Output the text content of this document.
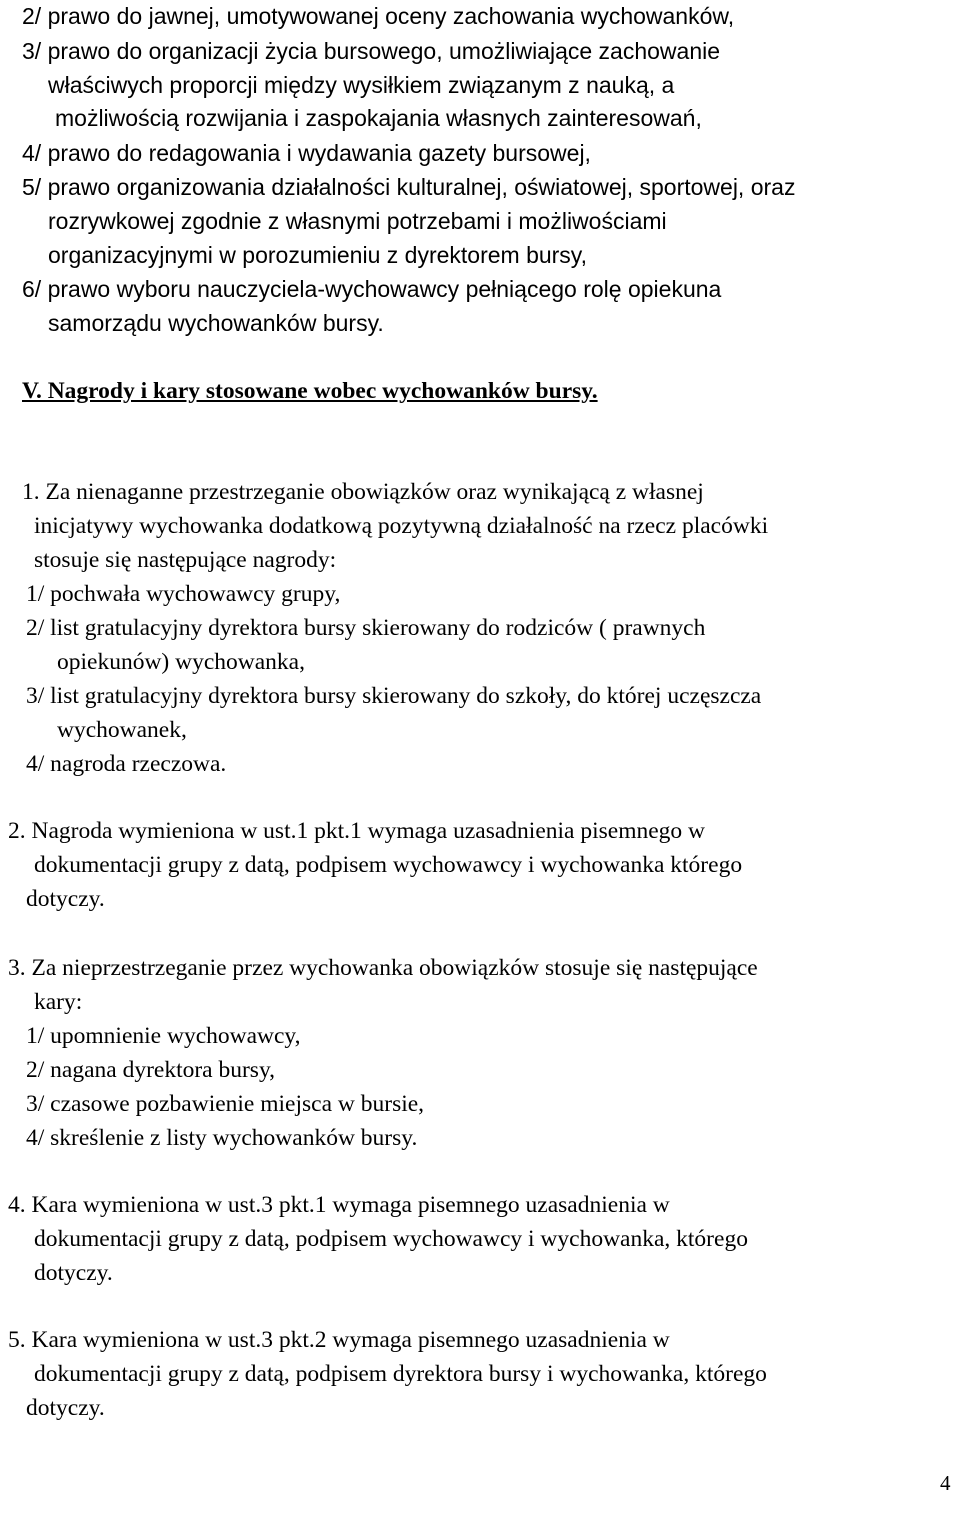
2/ prawo do jawnej, umotywowanej oceny zachowania wychowanków,
3/ prawo do organizacji życia bursowego, umożliwiające zachowanie
właściwych proporcji między wysiłkiem związanym z nauką, a
możliwością rozwijania i zaspokajania własnych zainteresowań,
4/ prawo do redagowania i wydawania gazety bursowej,
5/ prawo organizowania działalności kulturalnej, oświatowej, sportowej, oraz
rozrywkowej zgodnie z własnymi potrzebami i możliwościami
organizacyjnymi w porozumieniu z dyrektorem bursy,
6/ prawo wyboru nauczyciela-wychowawcy pełniącego rolę opiekuna
samorządu wychowanków bursy.
V. Nagrody i kary stosowane wobec wychowanków bursy.
1. Za nienaganne przestrzeganie obowiązków oraz wynikającą z własnej
inicjatywy wychowanka dodatkową pozytywną działalność na rzecz placówki
stosuje się następujące nagrody:
1/ pochwała wychowawcy grupy,
2/ list gratulacyjny dyrektora bursy skierowany do rodziców ( prawnych
opiekunów) wychowanka,
3/ list gratulacyjny dyrektora bursy skierowany do szkoły, do której uczęszcza
wychowanek,
4/ nagroda rzeczowa.
2. Nagroda wymieniona w ust.1 pkt.1 wymaga uzasadnienia pisemnego w
dokumentacji grupy z datą, podpisem wychowawcy i wychowanka którego
dotyczy.
3. Za nieprzestrzeganie przez wychowanka obowiązków stosuje się następujące
kary:
1/ upomnienie wychowawcy,
2/ nagana dyrektora bursy,
3/ czasowe pozbawienie miejsca w bursie,
4/ skreślenie z listy wychowanków bursy.
4. Kara wymieniona w ust.3 pkt.1 wymaga pisemnego uzasadnienia w
dokumentacji grupy z datą, podpisem wychowawcy i wychowanka, którego
dotyczy.
5. Kara wymieniona w ust.3 pkt.2 wymaga pisemnego uzasadnienia w
dokumentacji grupy z datą, podpisem dyrektora bursy i wychowanka, którego
dotyczy.
4
